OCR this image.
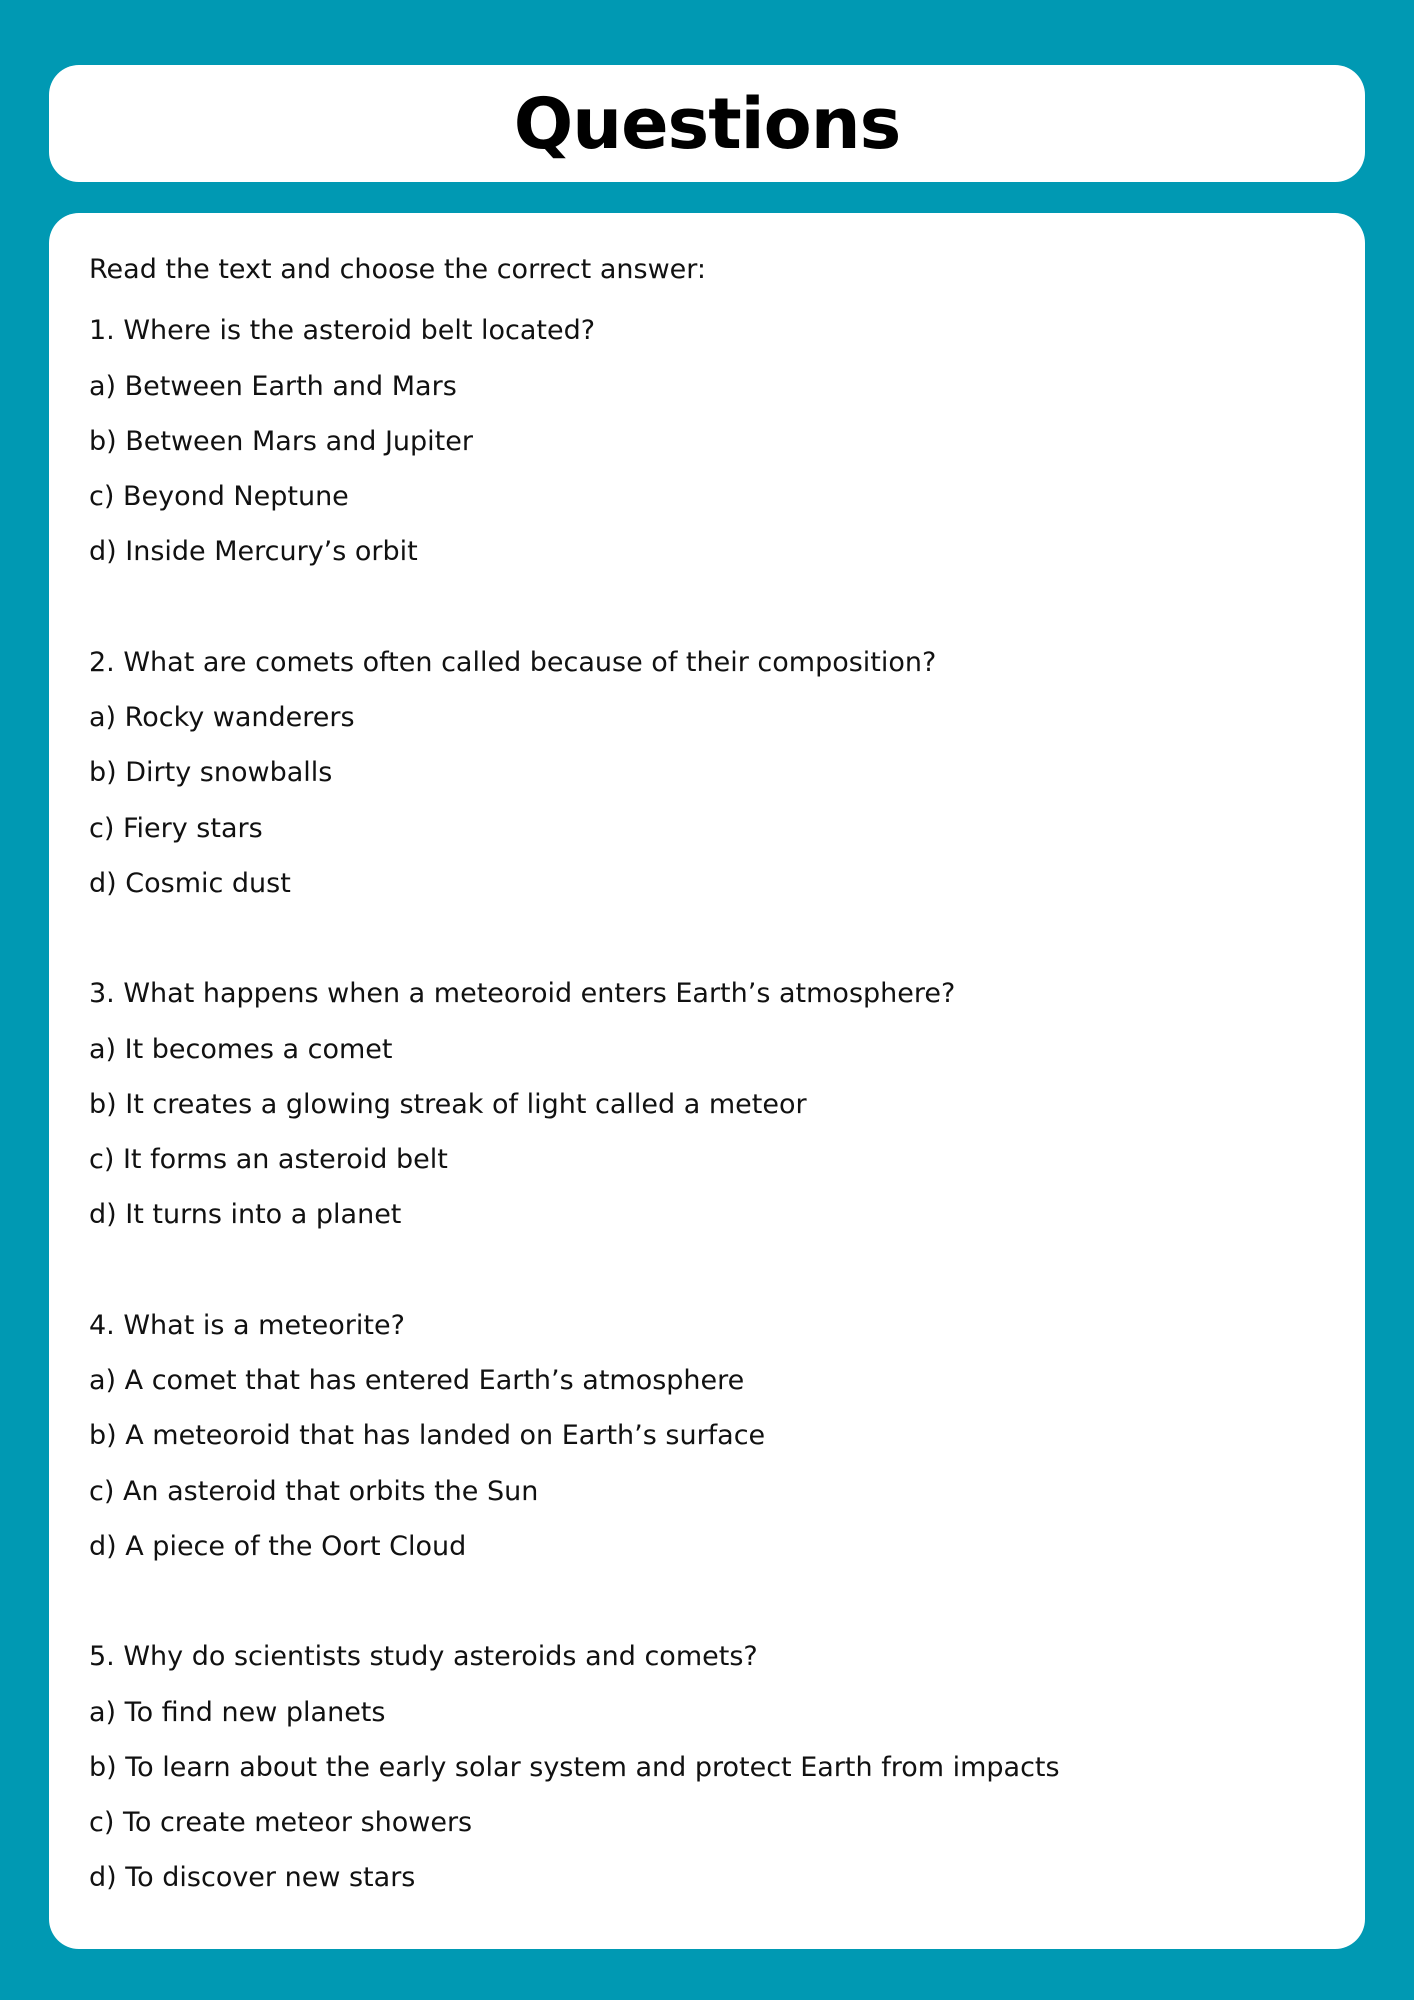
Questions

Read the text and choose the correct answer:

1. Where is the asteroid belt located?

a) Between Earth and Mars

b) Between Mars and Jupiter

c) Beyond Neptune

d) Inside Mercury’s orbit

2. What are comets often called because of their composition?

a) Rocky wanderers

b) Dirty snowballs

c) Fiery stars

d) Cosmic dust

3. What happens when a meteoroid enters Earth’s atmosphere?

a) It becomes a comet

b) It creates a glowing streak of light called a meteor

c) It forms an asteroid belt

d) It turns into a planet

4. What is a meteorite?

a) A comet that has entered Earth’s atmosphere

b) A meteoroid that has landed on Earth’s surface

c) An asteroid that orbits the Sun

d) A piece of the Oort Cloud

5. Why do scientists study asteroids and comets?

a) To find new planets

b) To learn about the early solar system and protect Earth from impacts

c) To create meteor showers

d) To discover new stars
